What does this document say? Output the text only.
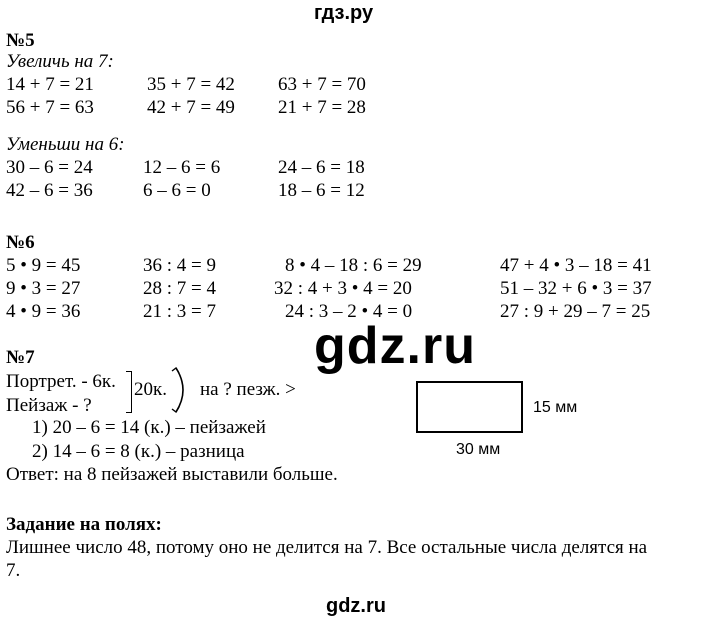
гдз.ру
№5
Увеличь на 7:
14 + 7 = 21	35 + 7 = 42 63 + 7 = 70
56 + 7 = 63	42 + 7 = 49 21 + 7 = 28
Уменьши на 6:
30 – 6 = 24	12 – 6 = 6	24 – 6 = 18
42 – 6 = 36	6 – 6 = 0	18 – 6 = 12
№6
5 • 9 = 45	36 : 4 = 9	8 • 4 – 18 : 6 = 29	47 + 4 • 3 – 18 = 41
9 • 3 = 27	28 : 7 = 4	32 : 4 + 3 • 4 = 20	51 – 32 + 6 • 3 = 37
4 • 9 = 36	21 : 3 = 7	24 : 3 – 2 • 4 = 0	27 : 9 + 29 – 7 = 25
gdz.ru
№7
Портрет. - 6к.
Пейзаж - ?
20к. на ? пезж. >
15 мм
30 мм
1) 20 – 6 = 14 (к.) – пейзажей
2) 14 – 6 = 8 (к.) – разница
Ответ: на 8 пейзажей выставили больше.
Задание на полях:
Лишнее число 48, потому оно не делится на 7. Все остальные числа делятся на
7.
gdz.ru
